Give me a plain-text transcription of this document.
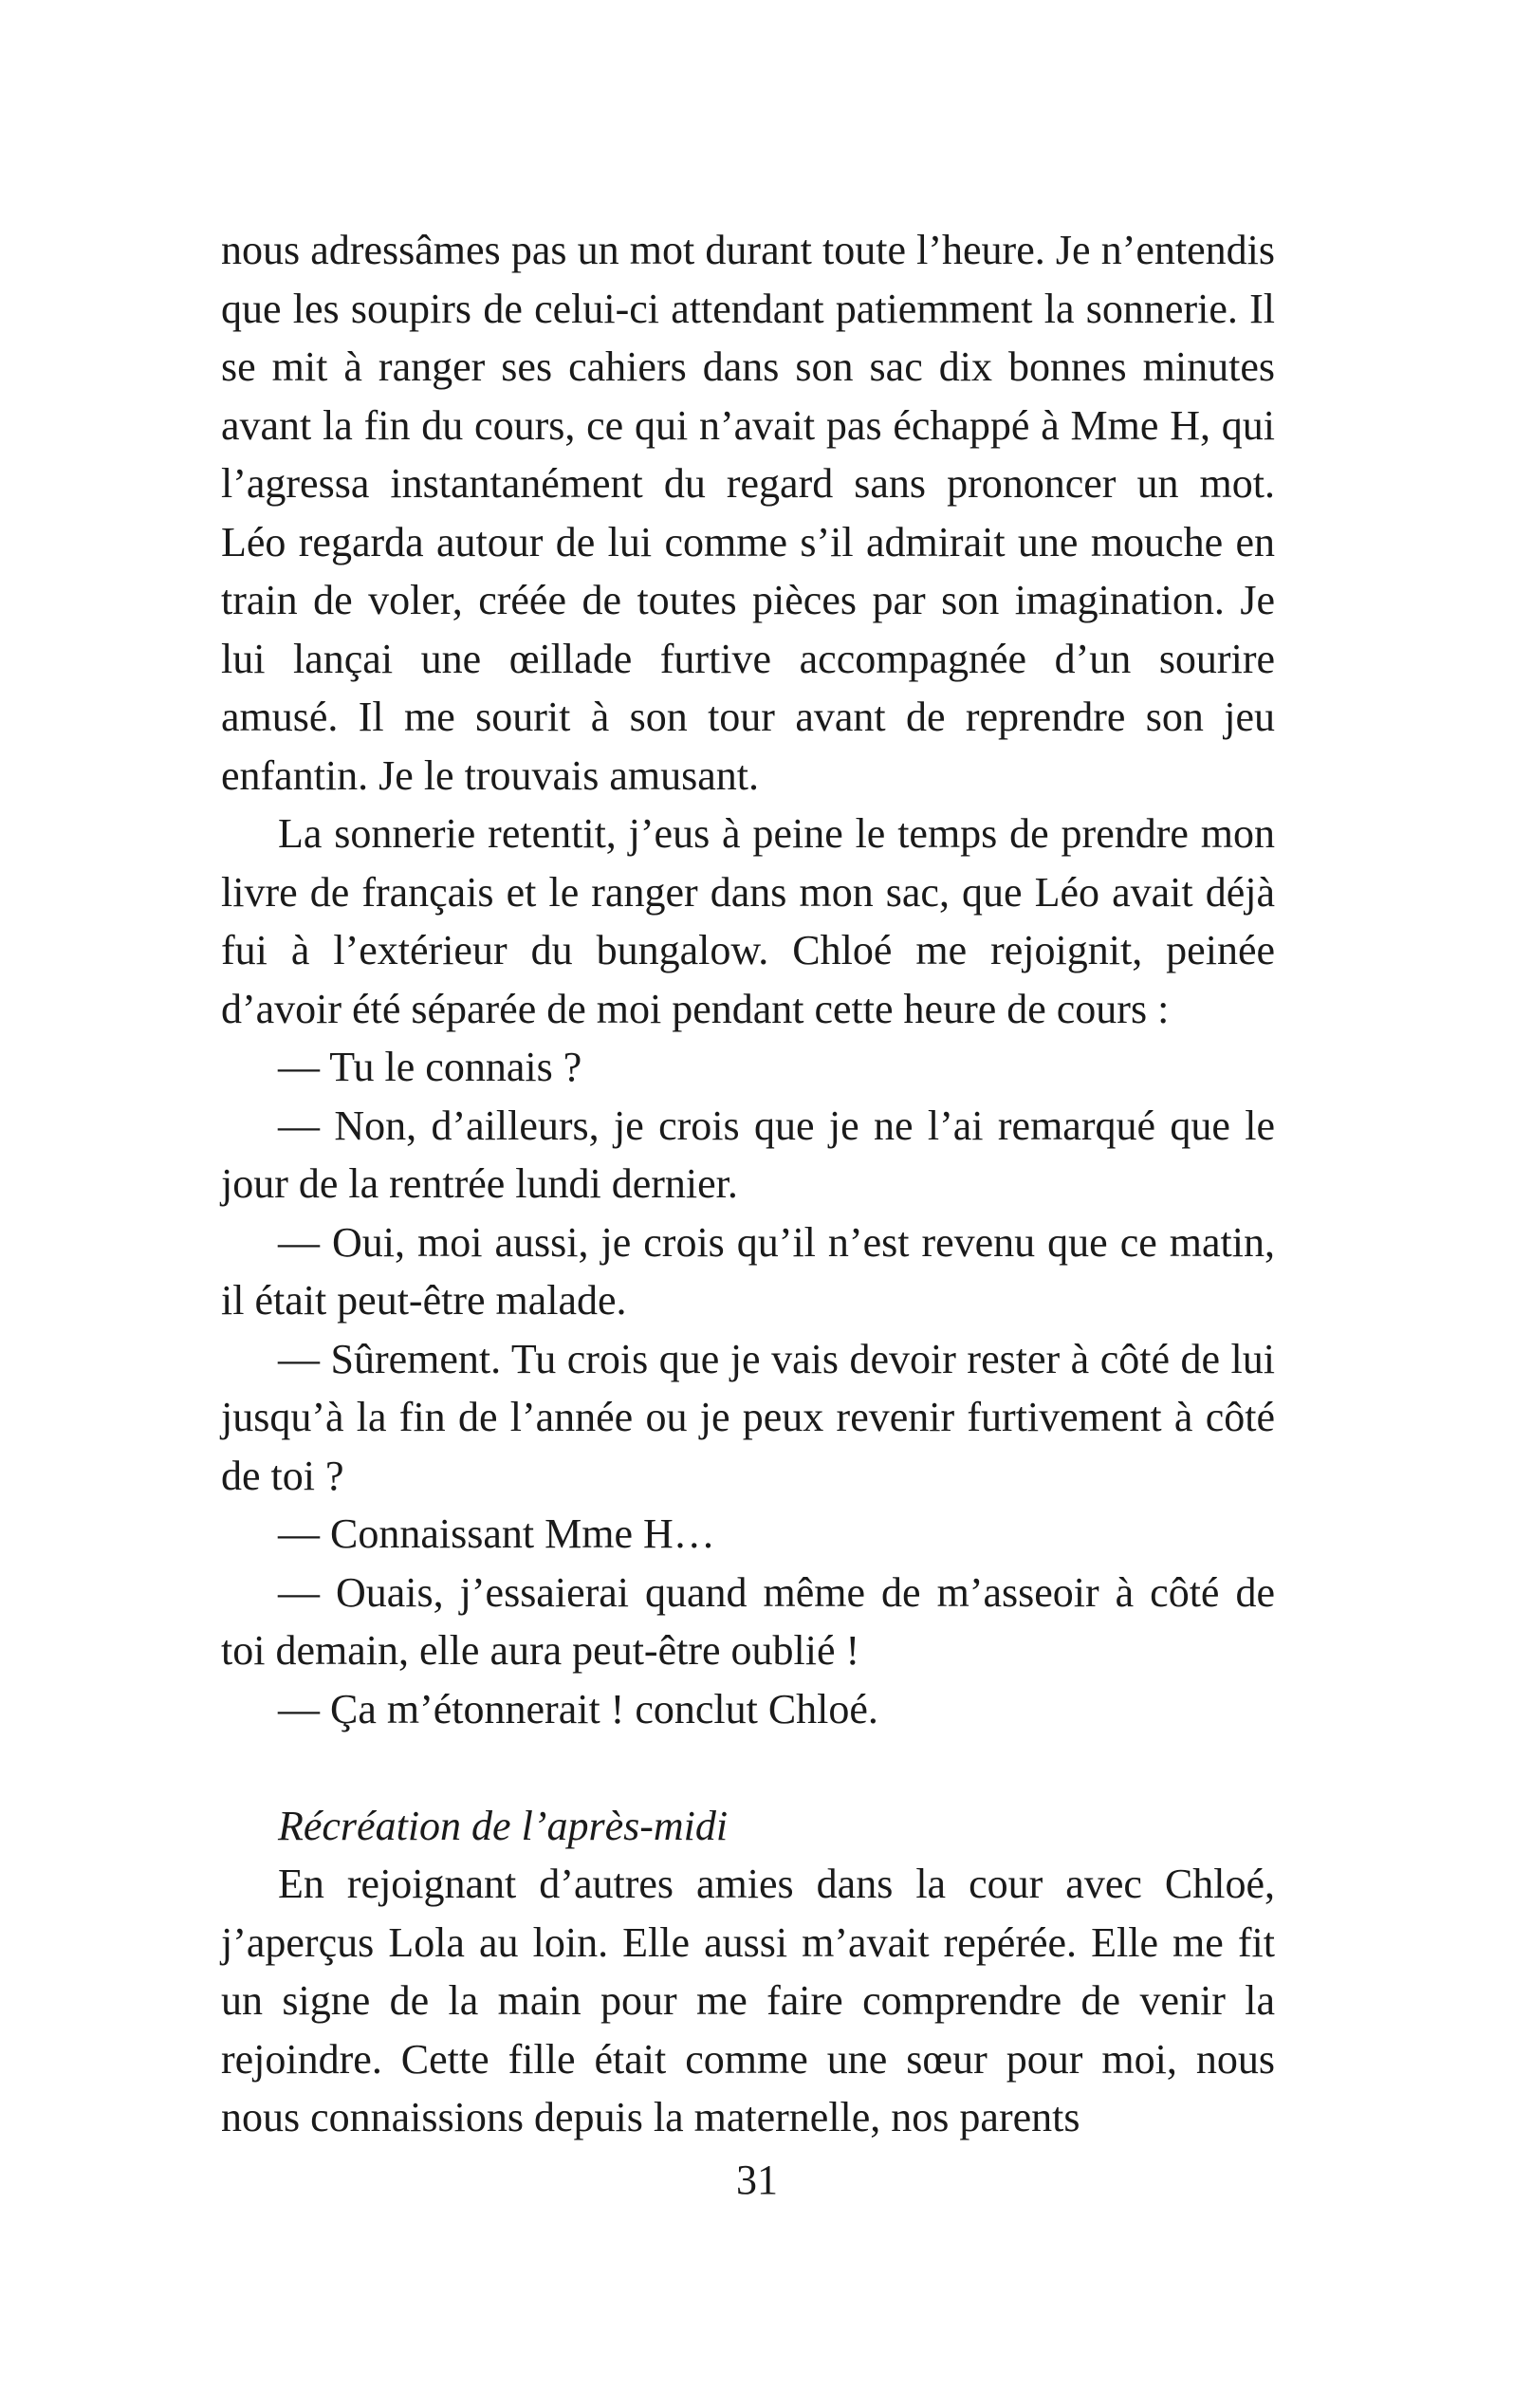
nous adressâmes pas un mot durant toute l’heure. Je n’entendis que les soupirs de celui-ci attendant patiemment la sonnerie. Il se mit à ranger ses cahiers dans son sac dix bonnes minutes avant la fin du cours, ce qui n’avait pas échappé à Mme H, qui l’agressa instantanément du regard sans prononcer un mot. Léo regarda autour de lui comme s’il admirait une mouche en train de voler, créée de toutes pièces par son imagination. Je lui lançai une œillade furtive accompagnée d’un sourire amusé. Il me sourit à son tour avant de reprendre son jeu enfantin. Je le trouvais amusant.

La sonnerie retentit, j’eus à peine le temps de prendre mon livre de français et le ranger dans mon sac, que Léo avait déjà fui à l’extérieur du bungalow. Chloé me rejoignit, peinée d’avoir été séparée de moi pendant cette heure de cours :

— Tu le connais ?

— Non, d’ailleurs, je crois que je ne l’ai remarqué que le jour de la rentrée lundi dernier.

— Oui, moi aussi, je crois qu’il n’est revenu que ce matin, il était peut-être malade.

— Sûrement. Tu crois que je vais devoir rester à côté de lui jusqu’à la fin de l’année ou je peux revenir furtivement à côté de toi ?

— Connaissant Mme H…

— Ouais, j’essaierai quand même de m’asseoir à côté de toi demain, elle aura peut-être oublié !

— Ça m’étonnerait ! conclut Chloé.

Récréation de l’après-midi

En rejoignant d’autres amies dans la cour avec Chloé, j’aperçus Lola au loin. Elle aussi m’avait repérée. Elle me fit un signe de la main pour me faire comprendre de venir la rejoindre. Cette fille était comme une sœur pour moi, nous nous connaissions depuis la maternelle, nos parents

31
